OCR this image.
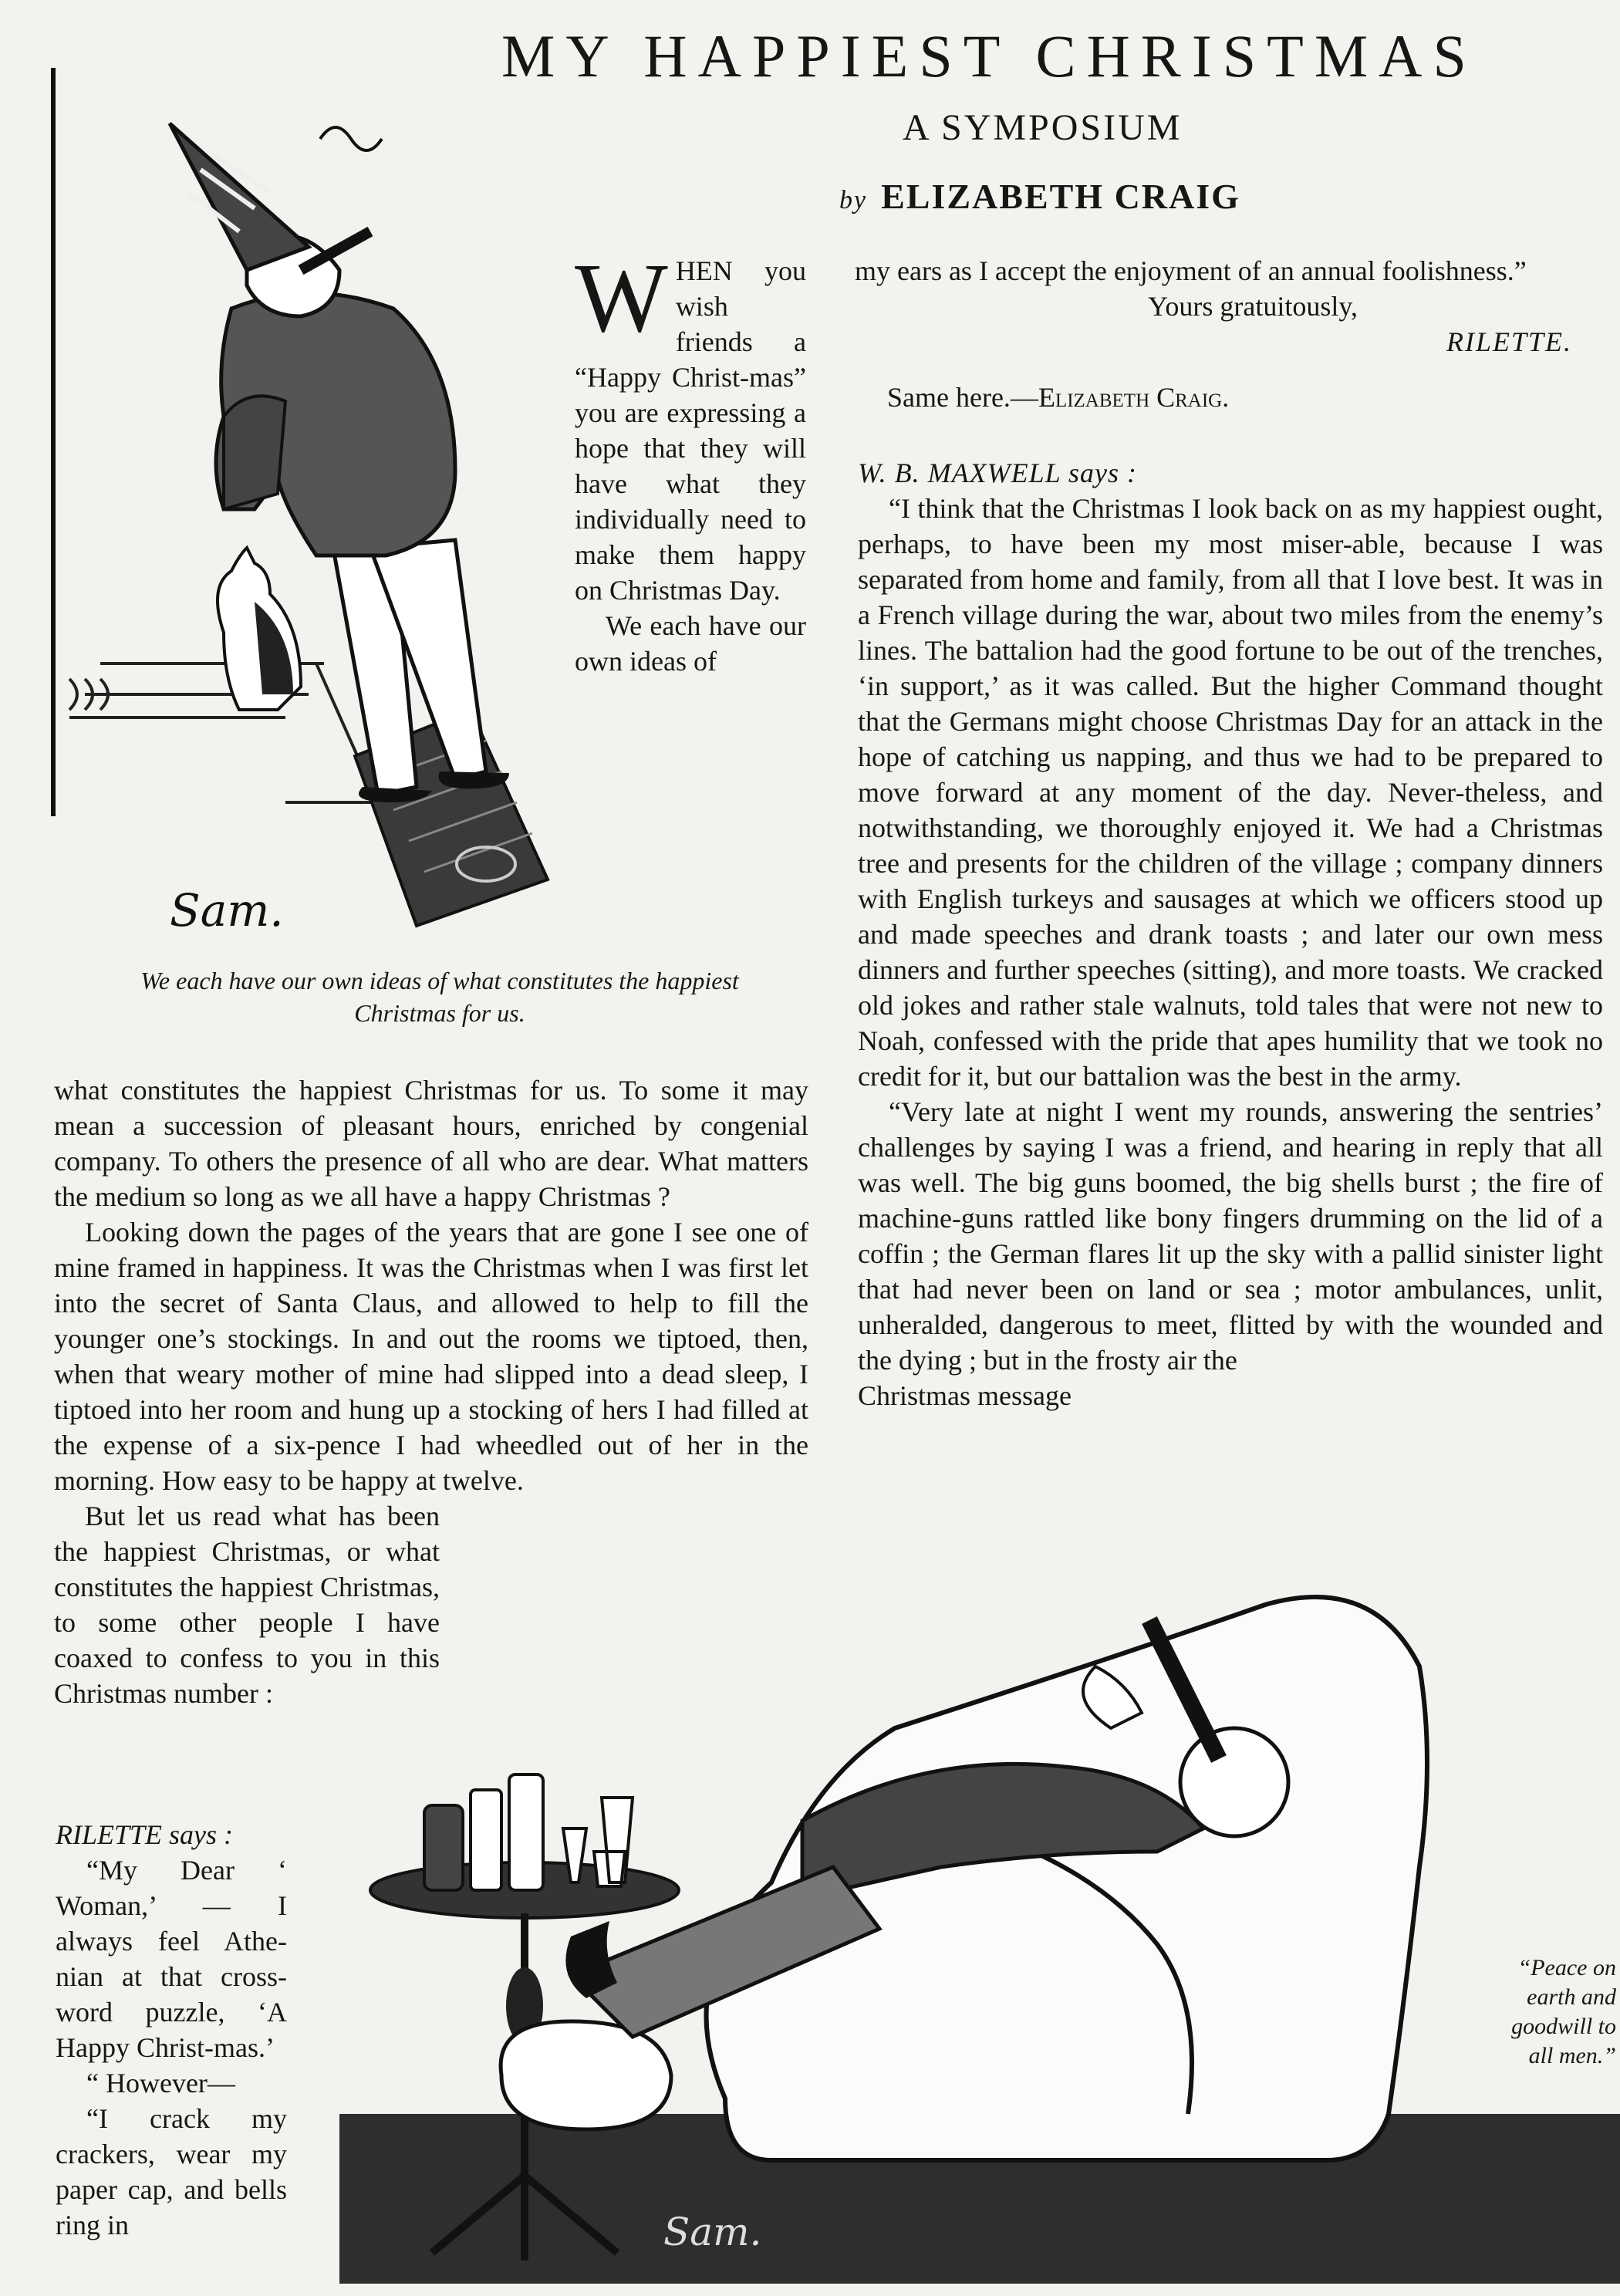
MY HAPPIEST CHRISTMAS
A SYMPOSIUM
by ELIZABETH CRAIG
Sam.
W HEN you wish friends a “Happy Christ-mas” you are expressing a hope that they will have what they individually need to make them happy on Christmas Day.

We each have our own ideas of

We each have our own ideas of what constitutes the happiest Christmas for us.

what constitutes the happiest Christmas for us. To some it may mean a succession of pleasant hours, enriched by congenial company. To others the presence of all who are dear. What matters the medium so long as we all have a happy Christmas ?

Looking down the pages of the years that are gone I see one of mine framed in happiness. It was the Christmas when I was first let into the secret of Santa Claus, and allowed to help to fill the younger one’s stockings. In and out the rooms we tiptoed, then, when that weary mother of mine had slipped into a dead sleep, I tiptoed into her room and hung up a stocking of hers I had filled at the expense of a six-pence I had wheedled out of her in the morning. How easy to be happy at twelve.

But let us read what has been the happiest Christmas, or what constitutes the happiest Christmas, to some other people I have coaxed to confess to you in this Christmas number :

RILETTE says :

“My Dear ‘ Woman,’ — I always feel Athe-nian at that cross-word puzzle, ‘A Happy Christ-mas.’

“ However—

“I crack my crackers, wear my paper cap, and bells ring in

my ears as I accept the enjoyment of an annual foolishness.”

Yours gratuitously,

RILETTE.

Same here.—Elizabeth Craig.

W. B. MAXWELL says :

“I think that the Christmas I look back on as my happiest ought, perhaps, to have been my most miser-able, because I was separated from home and family, from all that I love best. It was in a French village during the war, about two miles from the enemy’s lines. The battalion had the good fortune to be out of the trenches, ‘in support,’ as it was called. But the higher Command thought that the Germans might choose Christmas Day for an attack in the hope of catching us napping, and thus we had to be prepared to move forward at any moment of the day. Never-theless, and notwithstanding, we thoroughly enjoyed it. We had a Christmas tree and presents for the children of the village ; company dinners with English turkeys and sausages at which we officers stood up and made speeches and drank toasts ; and later our own mess dinners and further speeches (sitting), and more toasts. We cracked old jokes and rather stale walnuts, told tales that were not new to Noah, confessed with the pride that apes humility that we took no credit for it, but our battalion was the best in the army.

“Very late at night I went my rounds, answering the sentries’ challenges by saying I was a friend, and hearing in reply that all was well. The big guns boomed, the big shells burst ; the fire of machine-guns rattled like bony fingers drumming on the lid of a coffin ; the German flares lit up the sky with a pallid sinister light that had never been on land or sea ; motor ambulances, unlit, unheralded, dangerous to meet, flitted by with the wounded and the dying ; but in the frosty air the

Christmas message

Sam.
“Peace on earth and goodwill to all men.”
